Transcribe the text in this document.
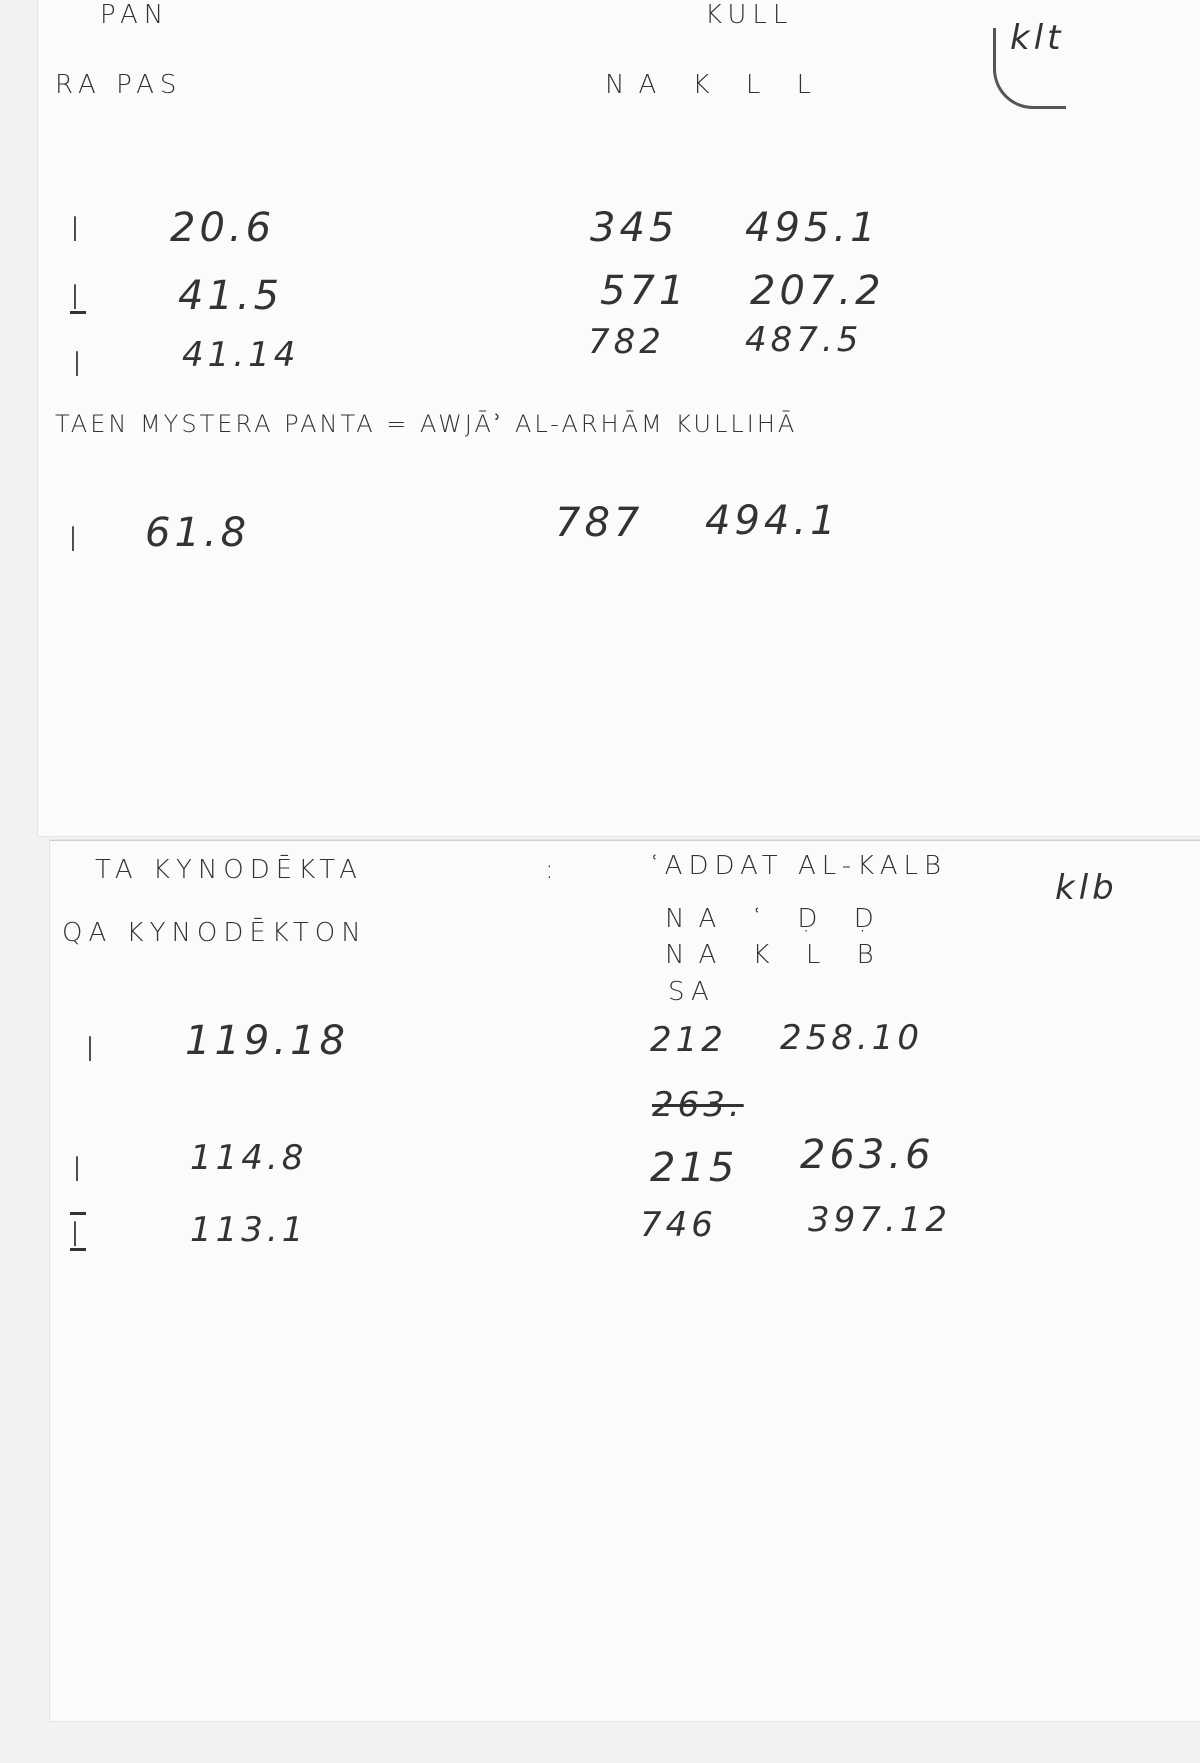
PAN	KULL
RA PAS	NA K L L
klt
I 20.6	345 495.1
I 41.5	571 207.2
I	41.14	782 487.5
TAEN MYSTERA PANTA = AWJĀʾ AL-ARHĀM KULLIHĀ
I 61.8	787 494.1
TA KYNODĒKTA	:	ʿADDAT AL-KALB
klb
QA KYNODĒKTON	NA ʿ Ḍ Ḍ
NA K L B
SA
I 119.18	212 258.10
263.
I	114.8	215 263.6
I	113.1	746	397.12
